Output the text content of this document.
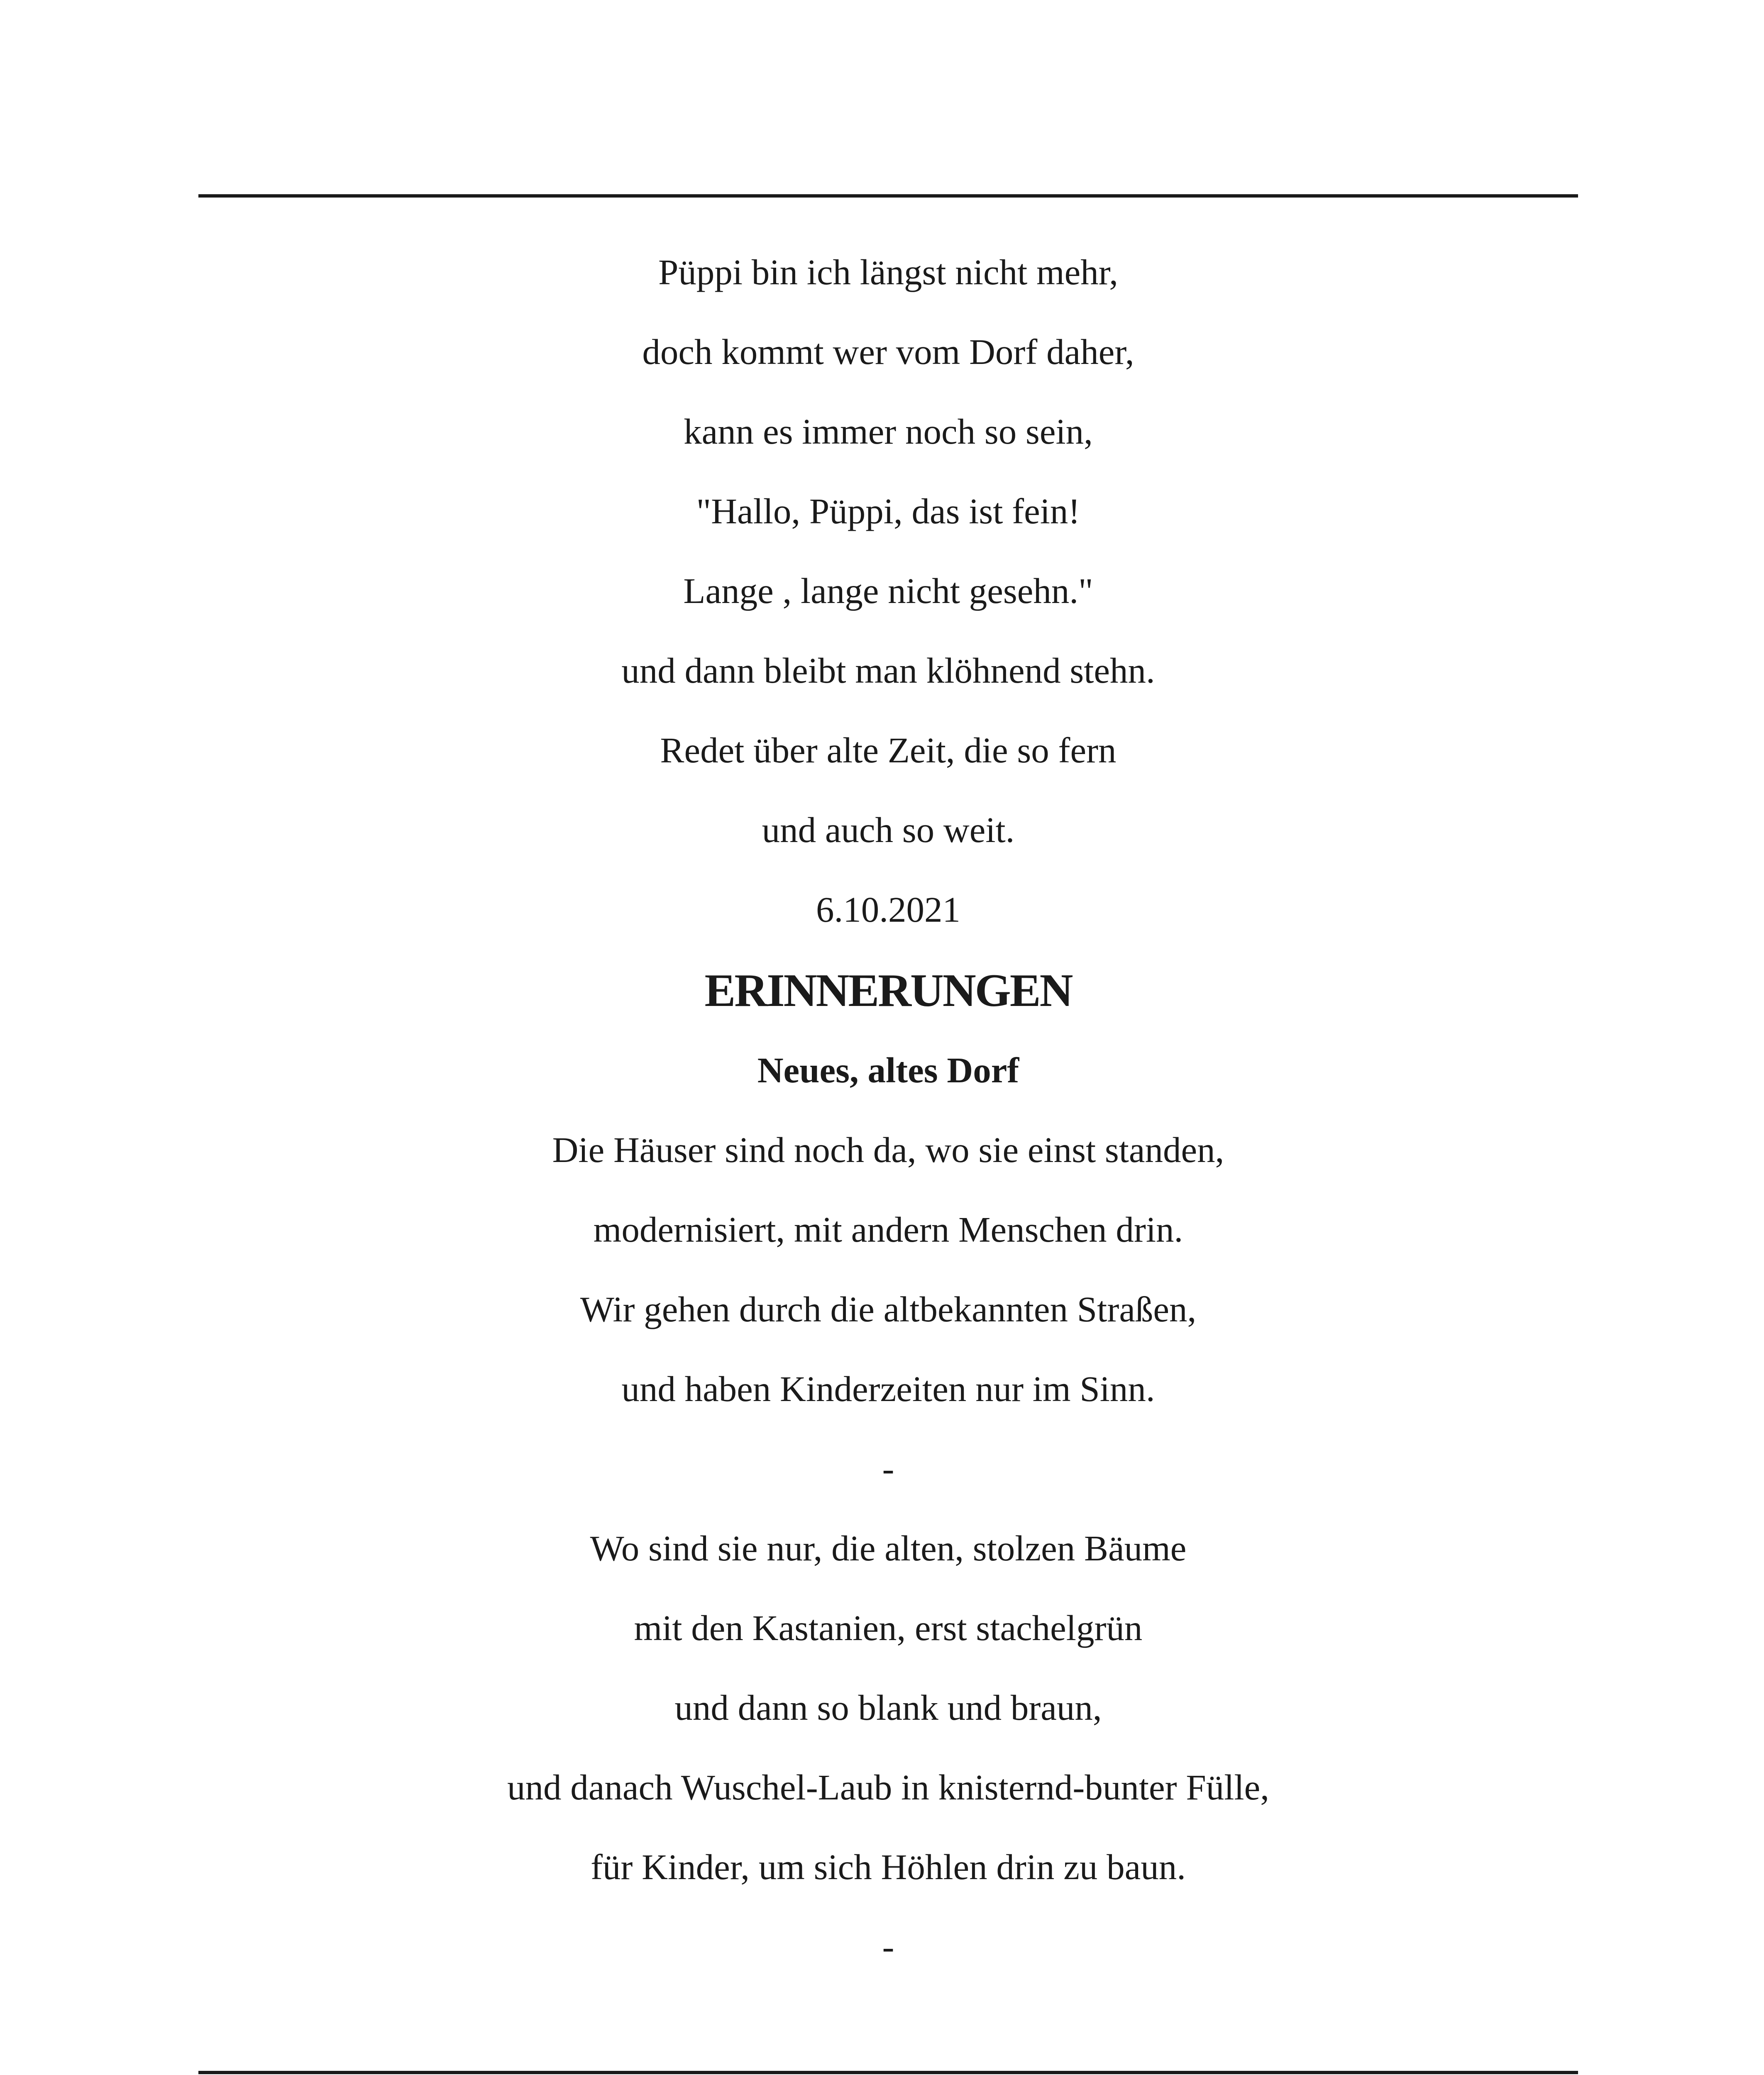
Püppi bin ich längst nicht mehr,
doch kommt wer vom Dorf daher,
kann es immer noch so sein,
"Hallo, Püppi, das ist fein!
Lange , lange nicht gesehn."
und dann bleibt man klöhnend stehn.
Redet über alte Zeit, die so fern
und auch so weit.
6.10.2021
ERINNERUNGEN
Neues, altes Dorf
Die Häuser sind noch da, wo sie einst standen,
modernisiert, mit andern Menschen drin.
Wir gehen durch die altbekannten Straßen,
und haben Kinderzeiten nur im Sinn.
-
Wo sind sie nur, die alten, stolzen Bäume
mit den Kastanien, erst stachelgrün
und dann so blank und braun,
und danach Wuschel-Laub in knisternd-bunter Fülle,
für Kinder, um sich Höhlen drin zu baun.
-
